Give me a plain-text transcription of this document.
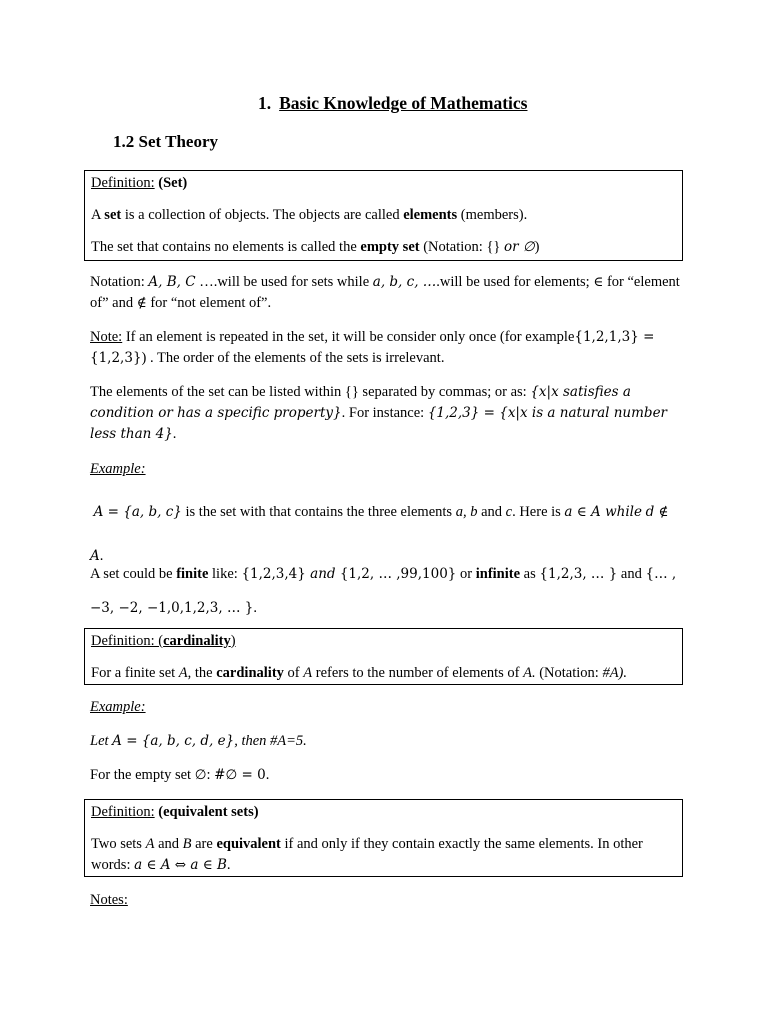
1. Basic Knowledge of Mathematics
1.2 Set Theory

Definition: (Set)

A set is a collection of objects. The objects are called elements (members).

The set that contains no elements is called the empty set (Notation: {} or ∅)

Notation: A, B, C ….will be used for sets while a, b, c, ….will be used for elements; ∈ for “element of” and ∉ for “not element of”.

Note: If an element is repeated in the set, it will be consider only once (for example{1,2,1,3} = {1,2,3}) . The order of the elements of the sets is irrelevant.

The elements of the set can be listed within {} separated by commas; or as: {x|x satisfies a condition or has a specific property}. For instance: {1,2,3} = {x|x is a natural number less than 4}.

Example:

A = {a, b, c} is the set with that contains the three elements a, b and c. Here is a ∈ A while d ∉ A.

A set could be finite like: {1,2,3,4} and {1,2, … ,99,100} or infinite as {1,2,3, … } and {… , −3, −2, −1,0,1,2,3, … }.

Definition: (cardinality)

For a finite set A, the cardinality of A refers to the number of elements of A. (Notation: #A).

Example:

Let A = {a, b, c, d, e}, then #A=5.

For the empty set ∅: #∅ = 0.

Definition: (equivalent sets)

Two sets A and B are equivalent if and only if they contain exactly the same elements. In other words: a ∈ A ⇔ a ∈ B.

Notes:
